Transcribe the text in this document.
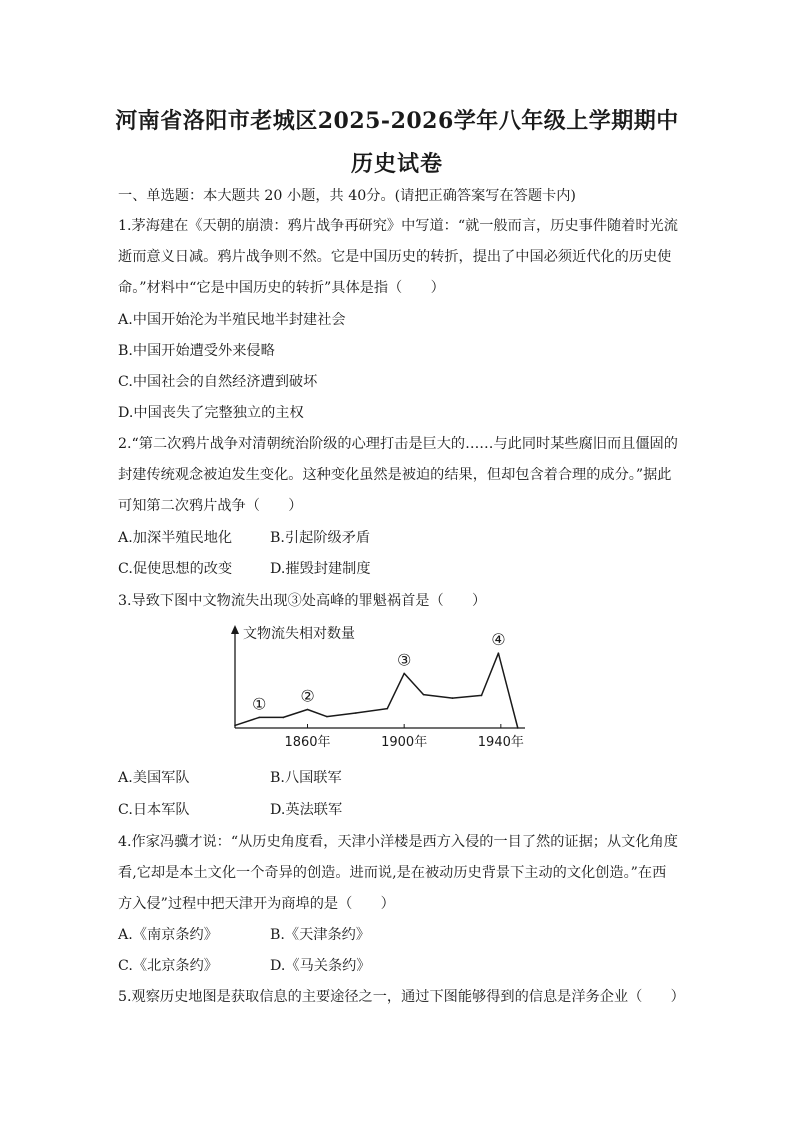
河南省洛阳市老城区2025-2026学年八年级上学期期中
历史试卷
一、单选题：本大题共 20 小题，共 40分。(请把正确答案写在答题卡内)
1.茅海建在《天朝的崩溃：鸦片战争再研究》中写道：“就一般而言，历史事件随着时光流
逝而意义日减。鸦片战争则不然。它是中国历史的转折，提出了中国必须近代化的历史使
命。”材料中“它是中国历史的转折”具体是指（　　）
A.中国开始沦为半殖民地半封建社会
B.中国开始遭受外来侵略
C.中国社会的自然经济遭到破坏
D.中国丧失了完整独立的主权
2.“第二次鸦片战争对清朝统治阶级的心理打击是巨大的……与此同时某些腐旧而且僵固的
封建传统观念被迫发生变化。这种变化虽然是被迫的结果，但却包含着合理的成分。”据此
可知第二次鸦片战争（　　）
A.加深半殖民地化	B.引起阶级矛盾
C.促使思想的改变	D.摧毁封建制度
3.导致下图中文物流失出现③处高峰的罪魁祸首是（　　）
文物流失相对数量
1860年	1900年	1940年
① ②
③
④
A.美国军队	B.八国联军
C.日本军队	D.英法联军
4.作家冯骥才说：“从历史角度看，天津小洋楼是西方入侵的一目了然的证据；从文化角度
看,它却是本土文化一个奇异的创造。进而说,是在被动历史背景下主动的文化创造。”在西
方入侵”过程中把天津开为商埠的是（　　）
A.《南京条约》	B.《天津条约》
C.《北京条约》	D.《马关条约》
5.观察历史地图是获取信息的主要途径之一，通过下图能够得到的信息是洋务企业（　　）
